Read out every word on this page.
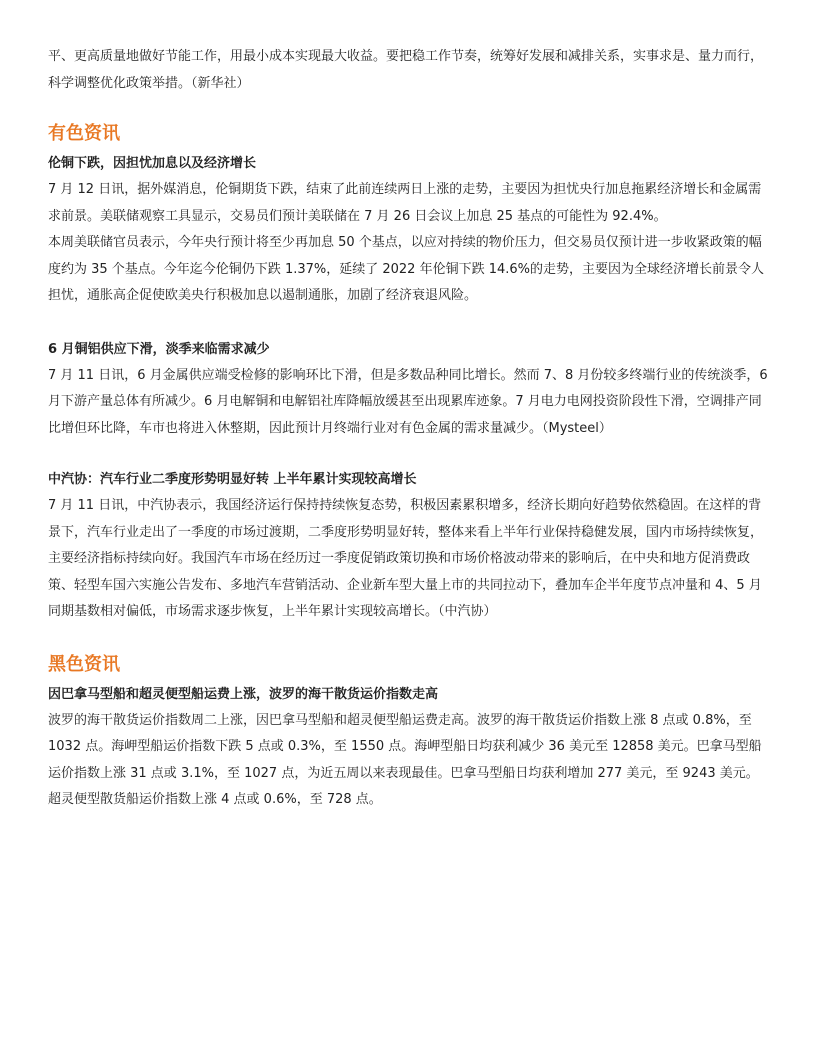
平、更高质量地做好节能工作，用最小成本实现最大收益。要把稳工作节奏，统筹好发展和减排关系，实事求是、量力而行，科学调整优化政策举措。（新华社）

有色资讯
伦铜下跌，因担忧加息以及经济增长

7 月 12 日讯，据外媒消息，伦铜期货下跌，结束了此前连续两日上涨的走势，主要因为担忧央行加息拖累经济增长和金属需求前景。美联储观察工具显示，交易员们预计美联储在 7 月 26 日会议上加息 25 基点的可能性为 92.4%。

本周美联储官员表示，今年央行预计将至少再加息 50 个基点，以应对持续的物价压力，但交易员仅预计进一步收紧政策的幅度约为 35 个基点。今年迄今伦铜仍下跌 1.37%，延续了 2022 年伦铜下跌 14.6%的走势，主要因为全球经济增长前景令人担忧，通胀高企促使欧美央行积极加息以遏制通胀，加剧了经济衰退风险。

6 月铜铝供应下滑，淡季来临需求减少

7 月 11 日讯，6 月金属供应端受检修的影响环比下滑，但是多数品种同比增长。然而 7、8 月份较多终端行业的传统淡季，6 月下游产量总体有所减少。6 月电解铜和电解铝社库降幅放缓甚至出现累库迹象。7 月电力电网投资阶段性下滑，空调排产同比增但环比降，车市也将进入休整期，因此预计月终端行业对有色金属的需求量减少。（Mysteel）

中汽协：汽车行业二季度形势明显好转 上半年累计实现较高增长

7 月 11 日讯，中汽协表示，我国经济运行保持持续恢复态势，积极因素累积增多，经济长期向好趋势依然稳固。在这样的背景下，汽车行业走出了一季度的市场过渡期，二季度形势明显好转，整体来看上半年行业保持稳健发展，国内市场持续恢复，主要经济指标持续向好。我国汽车市场在经历过一季度促销政策切换和市场价格波动带来的影响后，在中央和地方促消费政策、轻型车国六实施公告发布、多地汽车营销活动、企业新车型大量上市的共同拉动下，叠加车企半年度节点冲量和 4、5 月同期基数相对偏低，市场需求逐步恢复，上半年累计实现较高增长。（中汽协）

黑色资讯
因巴拿马型船和超灵便型船运费上涨，波罗的海干散货运价指数走高

波罗的海干散货运价指数周二上涨，因巴拿马型船和超灵便型船运费走高。波罗的海干散货运价指数上涨 8 点或 0.8%，至 1032 点。海岬型船运价指数下跌 5 点或 0.3%，至 1550 点。海岬型船日均获利减少 36 美元至 12858 美元。巴拿马型船运价指数上涨 31 点或 3.1%，至 1027 点，为近五周以来表现最佳。巴拿马型船日均获利增加 277 美元，至 9243 美元。超灵便型散货船运价指数上涨 4 点或 0.6%，至 728 点。
